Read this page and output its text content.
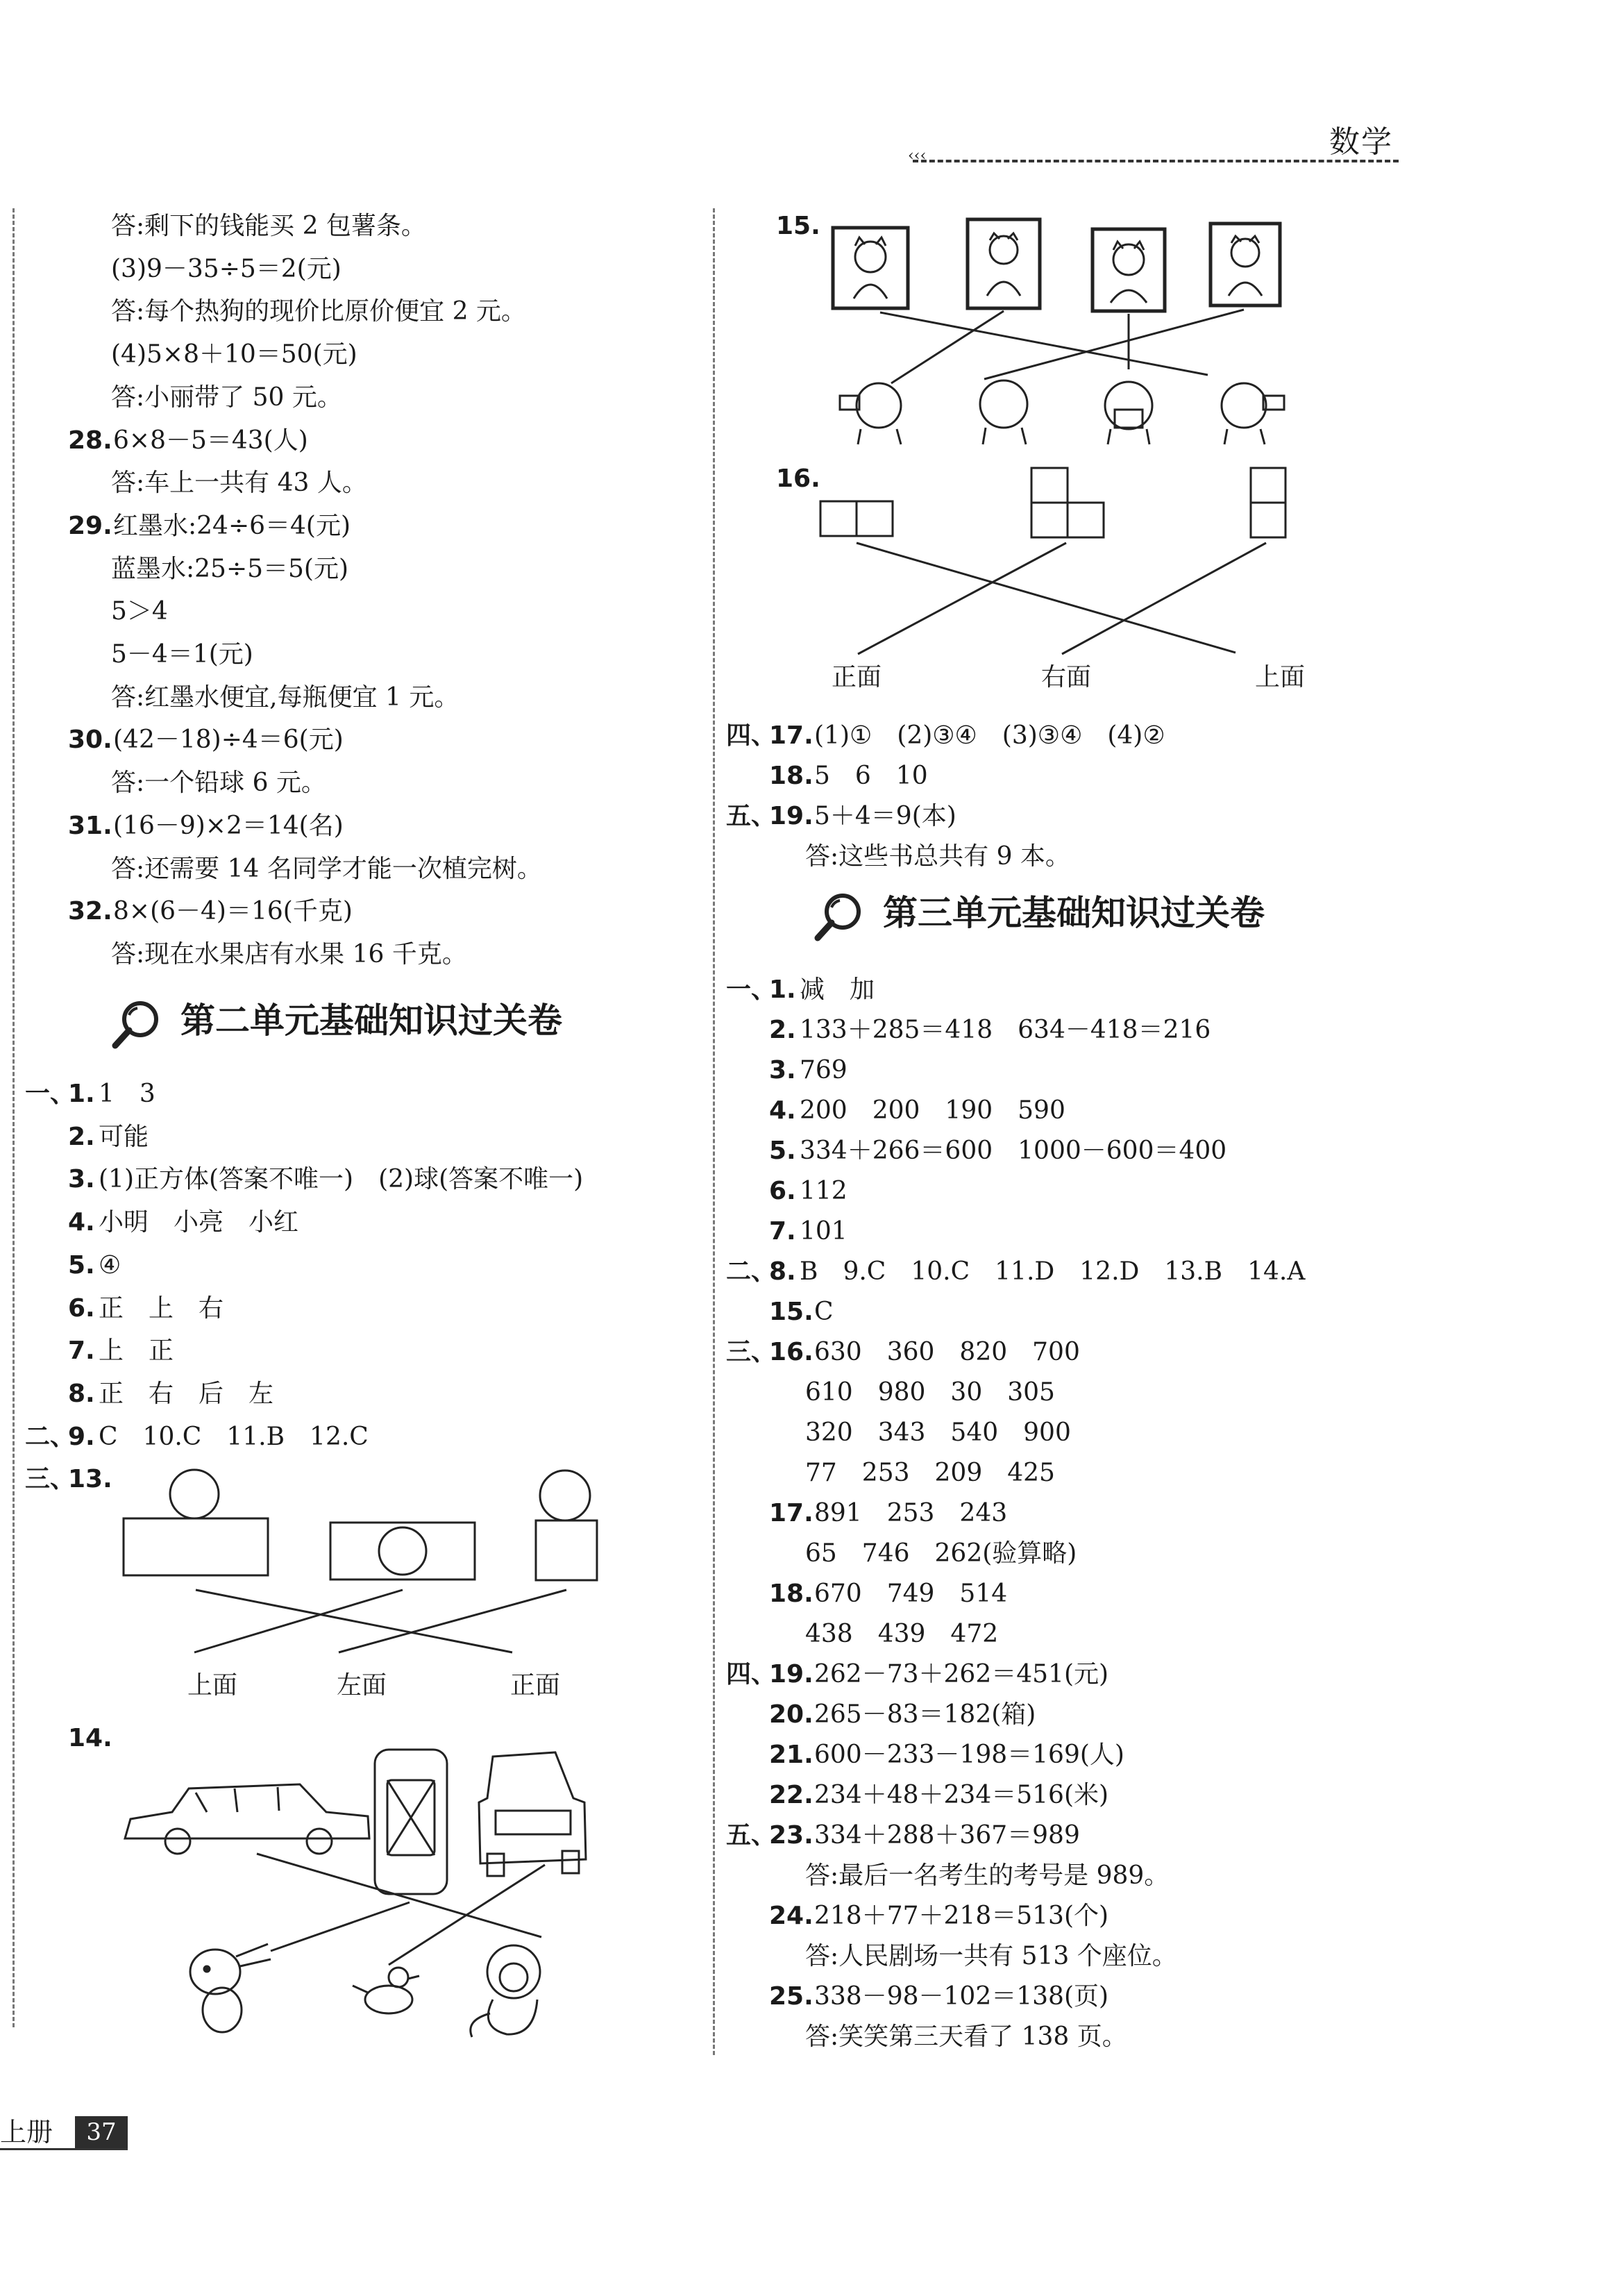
数学
‹‹‹
答:剩下的钱能买 2 包薯条。
(3)9－35÷5＝2(元)
答:每个热狗的现价比原价便宜 2 元。
(4)5×8＋10＝50(元)
答:小丽带了 50 元。
28. 6×8－5＝43(人)
答:车上一共有 43 人。
29. 红墨水:24÷6＝4(元)
蓝墨水:25÷5＝5(元)
5＞4
5－4＝1(元)
答:红墨水便宜,每瓶便宜 1 元。
30. (42－18)÷4＝6(元)
答:一个铅球 6 元。
31. (16－9)×2＝14(名)
答:还需要 14 名同学才能一次植完树。
32. 8×(6－4)＝16(千克)
答:现在水果店有水果 16 千克。
第二单元基础知识过关卷
一、
1. 1　3
2. 可能
3. (1)正方体(答案不唯一)　(2)球(答案不唯一)
4. 小明　小亮　小红
5. ④
6. 正　上　右
7. 上　正
8. 正　右　后　左
二、
9. C　10.C　11.B　12.C
三、
13.
上面	左面	正面
14.
15.
16.
正面	右面	上面
四、
17. (1)①　(2)③④　(3)③④　(4)②
18. 5　6　10
五、
19. 5＋4＝9(本)
答:这些书总共有 9 本。
第三单元基础知识过关卷
一、
1. 减　加
2. 133＋285＝418　634－418＝216
3. 769
4. 200　200　190　590
5. 334＋266＝600　1000－600＝400
6. 112
7. 101
二、
8. B　9.C　10.C　11.D　12.D　13.B　14.A
15. C
三、
16. 630　360　820　700
610　980　30　305
320　343　540　900
77　253　209　425
17. 891　253　243
65　746　262(验算略)
18. 670　749　514
438　439　472
四、
19. 262－73＋262＝451(元)
20. 265－83＝182(箱)
21. 600－233－198＝169(人)
22. 234＋48＋234＝516(米)
五、
23. 334＋288＋367＝989
答:最后一名考生的考号是 989。
24. 218＋77＋218＝513(个)
答:人民剧场一共有 513 个座位。
25. 338－98－102＝138(页)
答:笑笑第三天看了 138 页。
上册	37
